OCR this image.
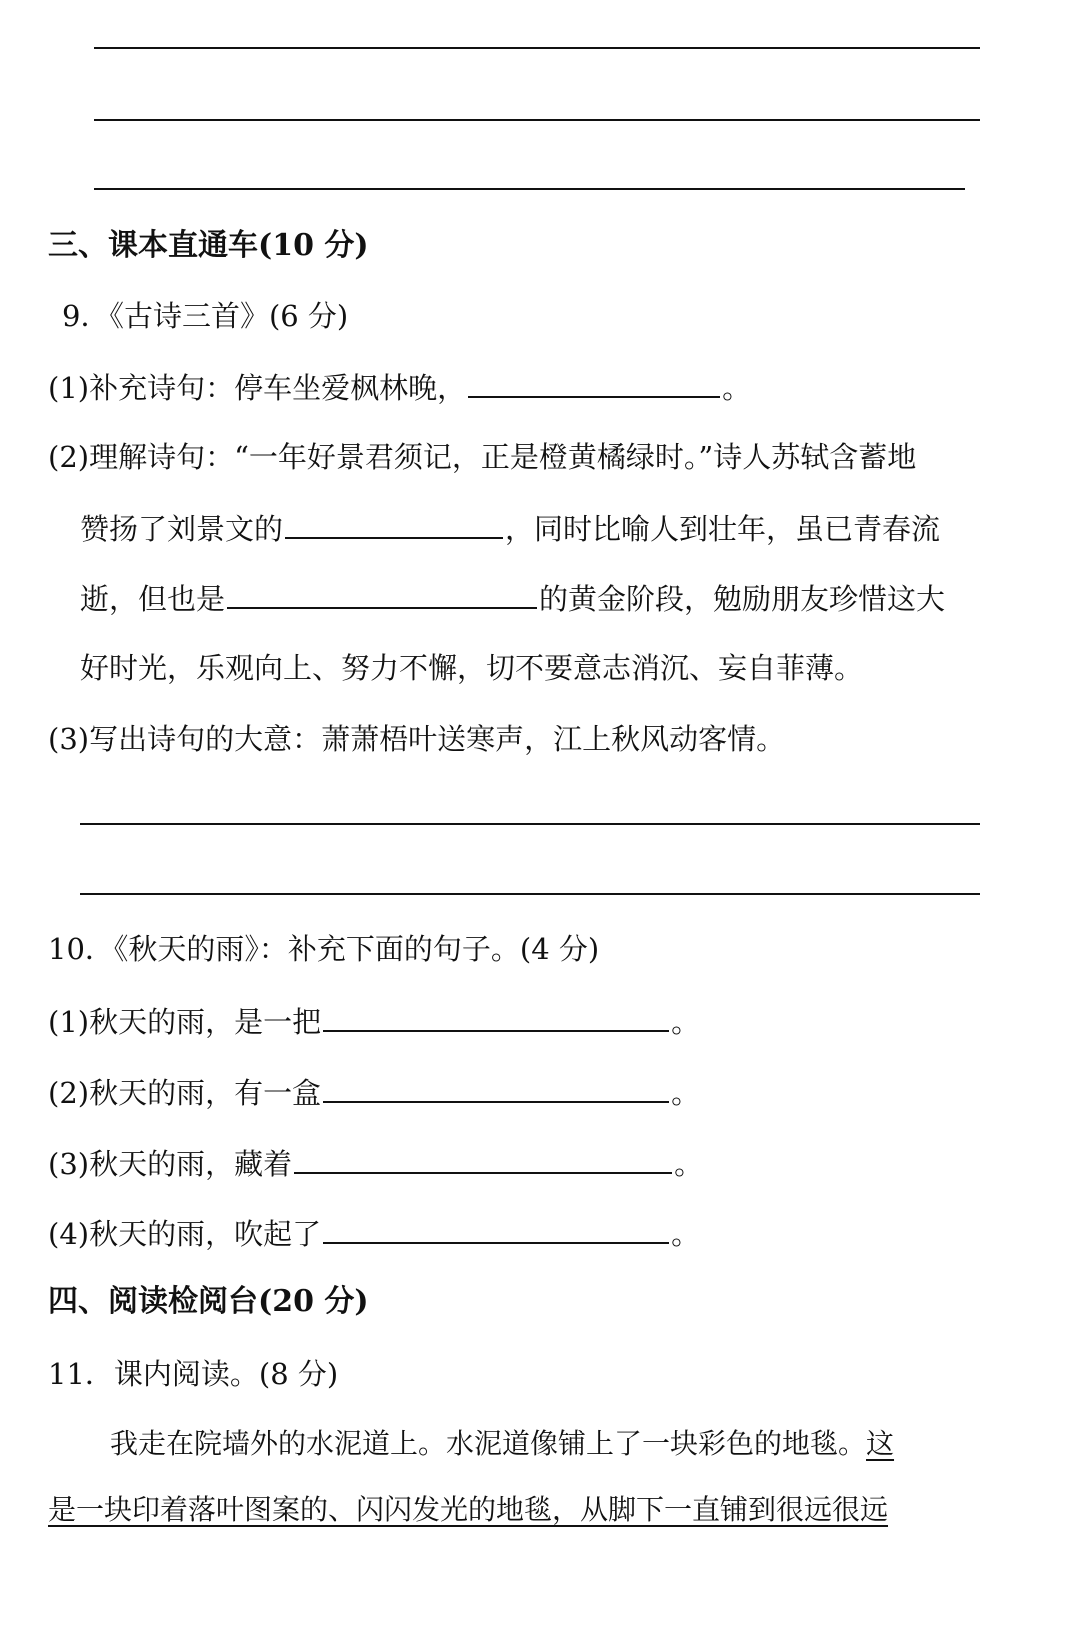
三、课本直通车(10 分)
9．《古诗三首》(6 分)
(1)补充诗句：停车坐爱枫林晚，	。
(2)理解诗句：“一年好景君须记，正是橙黄橘绿时。”诗人苏轼含蓄地
赞扬了刘景文的	，同时比喻人到壮年，虽已青春流
逝，但也是	的黄金阶段，勉励朋友珍惜这大
好时光，乐观向上、努力不懈，切不要意志消沉、妄自菲薄。
(3)写出诗句的大意：萧萧梧叶送寒声，江上秋风动客情。
10．《秋天的雨》：补充下面的句子。(4 分)
(1)秋天的雨，是一把	。
(2)秋天的雨，有一盒	。
(3)秋天的雨，藏着	。
(4)秋天的雨，吹起了	。
四、阅读检阅台(20 分)
11．课内阅读。(8 分)
我走在院墙外的水泥道上。水泥道像铺上了一块彩色的地毯。这
是一块印着落叶图案的、闪闪发光的地毯，从脚下一直铺到很远很远
